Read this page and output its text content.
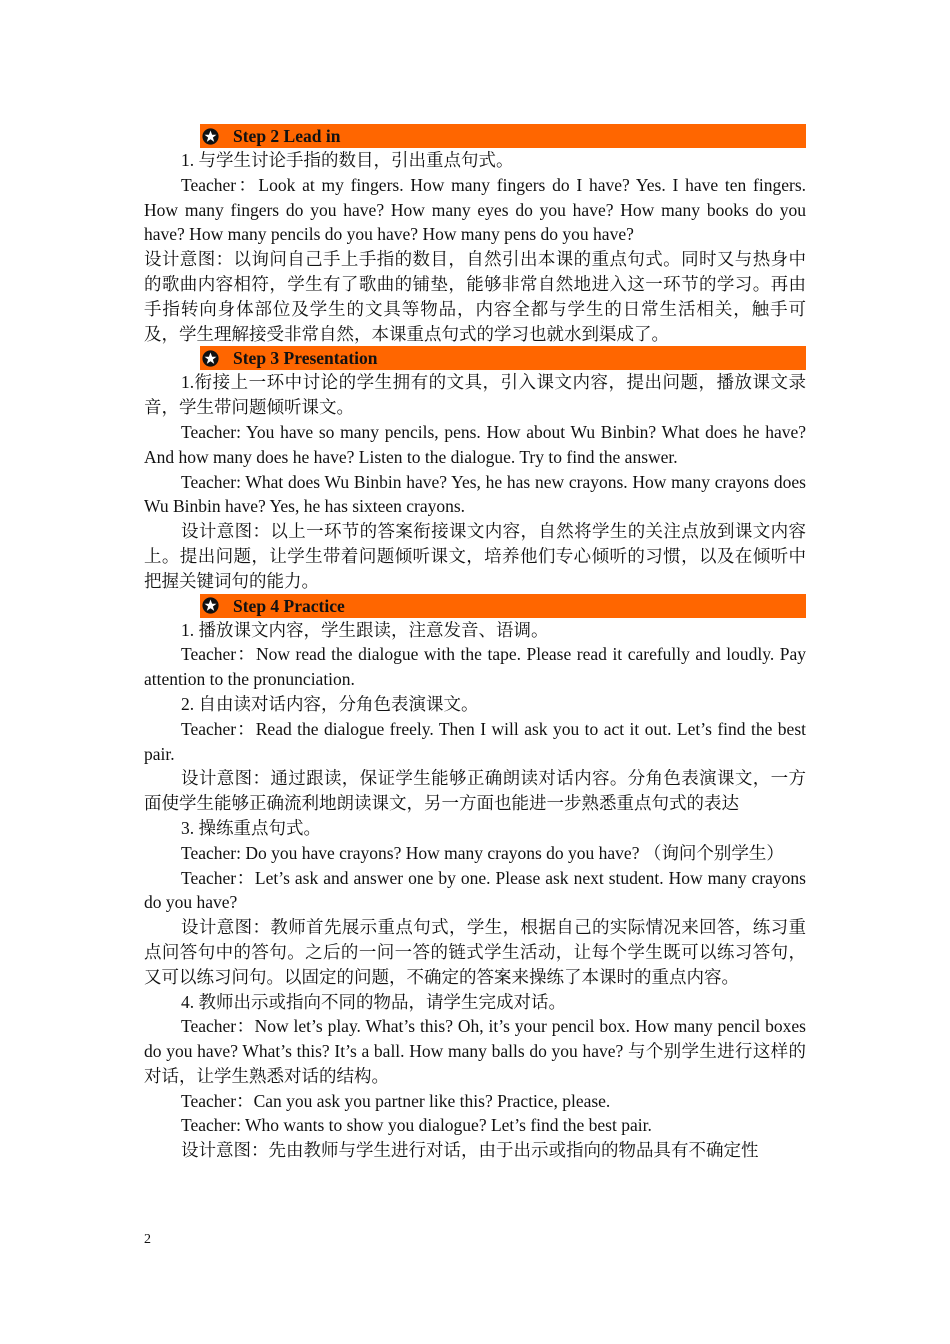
Step 2 Lead in

1. 与学生讨论手指的数目，引出重点句式。

Teacher：Look at my fingers. How many fingers do I have? Yes. I have ten fingers. How many fingers do you have? How many eyes do you have? How many books do you have? How many pencils do you have? How many pens do you have?

设计意图：以询问自己手上手指的数目，自然引出本课的重点句式。同时又与热身中的歌曲内容相符，学生有了歌曲的铺垫，能够非常自然地进入这一环节的学习。再由手指转向身体部位及学生的文具等物品，内容全都与学生的日常生活相关，触手可及，学生理解接受非常自然，本课重点句式的学习也就水到渠成了。

Step 3 Presentation

1.衔接上一环中讨论的学生拥有的文具，引入课文内容，提出问题，播放课文录音，学生带问题倾听课文。

Teacher: You have so many pencils, pens. How about Wu Binbin? What does he have? And how many does he have? Listen to the dialogue. Try to find the answer.

Teacher: What does Wu Binbin have? Yes, he has new crayons. How many crayons does Wu Binbin have? Yes, he has sixteen crayons.

设计意图：以上一环节的答案衔接课文内容，自然将学生的关注点放到课文内容上。提出问题，让学生带着问题倾听课文，培养他们专心倾听的习惯，以及在倾听中把握关键词句的能力。

Step 4 Practice

1. 播放课文内容，学生跟读，注意发音、语调。

Teacher：Now read the dialogue with the tape. Please read it carefully and loudly. Pay attention to the pronunciation.

2. 自由读对话内容，分角色表演课文。

Teacher：Read the dialogue freely. Then I will ask you to act it out. Let’s find the best pair.

设计意图：通过跟读，保证学生能够正确朗读对话内容。分角色表演课文，一方面使学生能够正确流利地朗读课文，另一方面也能进一步熟悉重点句式的表达

3. 操练重点句式。

Teacher: Do you have crayons? How many crayons do you have? （询问个别学生）

Teacher：Let’s ask and answer one by one. Please ask next student. How many crayons do you have?

设计意图：教师首先展示重点句式，学生，根据自己的实际情况来回答，练习重点问答句中的答句。之后的一问一答的链式学生活动，让每个学生既可以练习答句，又可以练习问句。以固定的问题，不确定的答案来操练了本课时的重点内容。

4. 教师出示或指向不同的物品，请学生完成对话。

Teacher：Now let’s play. What’s this? Oh, it’s your pencil box. How many pencil boxes do you have? What’s this? It’s a ball. How many balls do you have? 与个别学生进行这样的对话，让学生熟悉对话的结构。

Teacher：Can you ask you partner like this? Practice, please.

Teacher: Who wants to show you dialogue? Let’s find the best pair.

设计意图：先由教师与学生进行对话，由于出示或指向的物品具有不确定性

2
